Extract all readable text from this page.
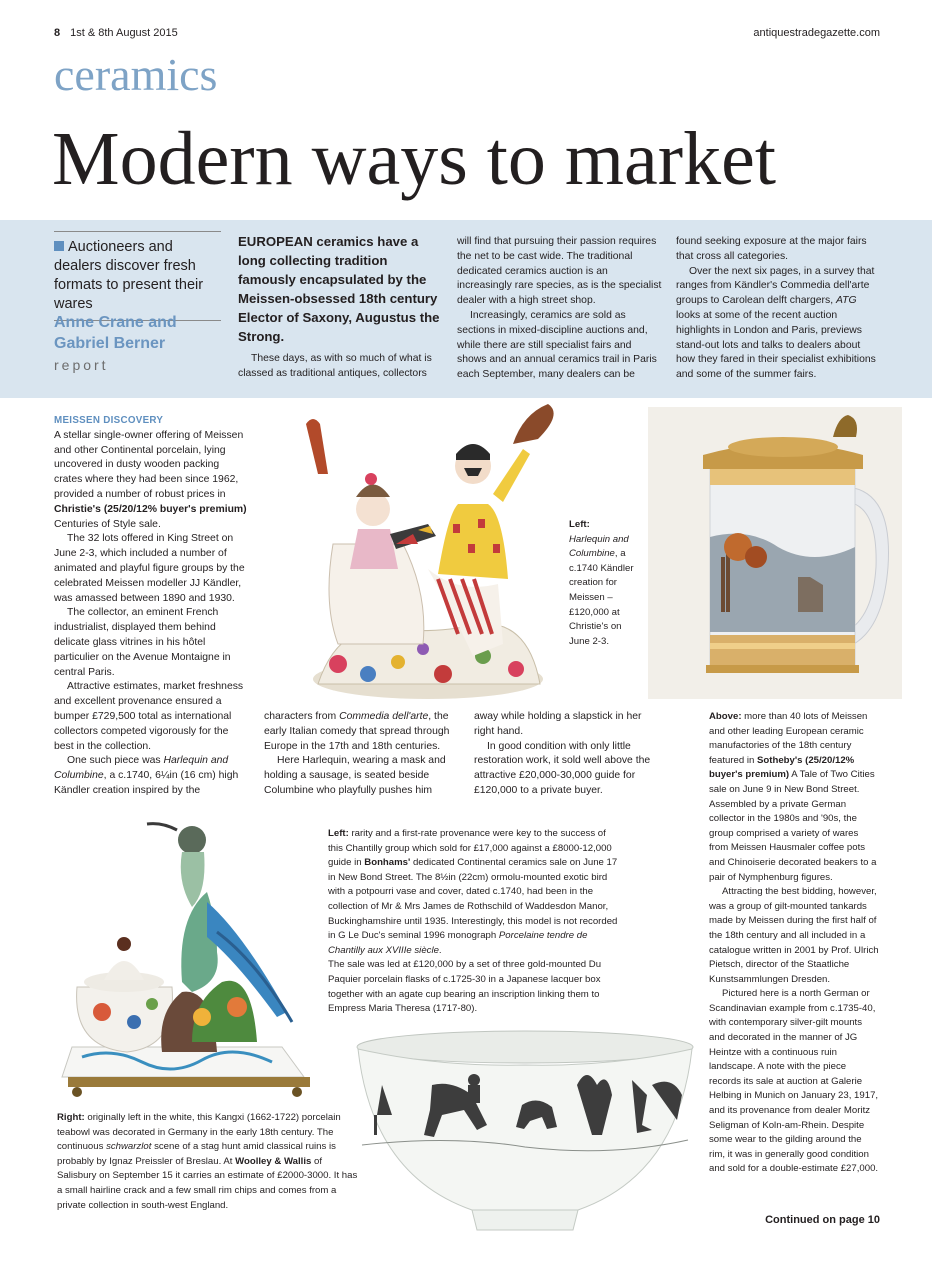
8 1st & 8th August 2015	antiquestradegazette.com
ceramics
Modern ways to market
Auctioneers and dealers discover fresh formats to present their wares
Anne Crane and Gabriel Berner
report
EUROPEAN ceramics have a long collecting tradition famously encapsulated by the Meissen-obsessed 18th century Elector of Saxony, Augustus the Strong.

These days, as with so much of what is classed as traditional antiques, collectors

will find that pursuing their passion requires the net to be cast wide. The traditional dedicated ceramics auction is an increasingly rare species, as is the specialist dealer with a high street shop.

Increasingly, ceramics are sold as sections in mixed-discipline auctions and, while there are still specialist fairs and shows and an annual ceramics trail in Paris each September, many dealers can be

found seeking exposure at the major fairs that cross all categories.

Over the next six pages, in a survey that ranges from Kändler's Commedia dell'arte groups to Carolean delft chargers, ATG looks at some of the recent auction highlights in London and Paris, previews stand-out lots and talks to dealers about how they fared in their specialist exhibitions and some of the summer fairs.

MEISSEN DISCOVERY

A stellar single-owner offering of Meissen and other Continental porcelain, lying uncovered in dusty wooden packing crates where they had been since 1962, provided a number of robust prices in Christie's (25/20/12% buyer's premium) Centuries of Style sale.

The 32 lots offered in King Street on June 2-3, which included a number of animated and playful figure groups by the celebrated Meissen modeller JJ Kändler, was amassed between 1890 and 1930.

The collector, an eminent French industrialist, displayed them behind delicate glass vitrines in his hôtel particulier on the Avenue Montaigne in central Paris.

Attractive estimates, market freshness and excellent provenance ensured a bumper £729,500 total as international collectors competed vigorously for the best in the collection.

One such piece was Harlequin and Columbine, a c.1740, 6¼in (16 cm) high Kändler creation inspired by the

characters from Commedia dell'arte, the early Italian comedy that spread through Europe in the 17th and 18th centuries.

Here Harlequin, wearing a mask and holding a sausage, is seated beside Columbine who playfully pushes him

away while holding a slapstick in her right hand.

In good condition with only little restoration work, it sold well above the attractive £20,000-30,000 guide for £120,000 to a private buyer.

Left:
Harlequin and Columbine, a c.1740 Kändler creation for Meissen – £120,000 at Christie's on June 2-3.

Above: more than 40 lots of Meissen and other leading European ceramic manufactories of the 18th century featured in Sotheby's (25/20/12% buyer's premium) A Tale of Two Cities sale on June 9 in New Bond Street. Assembled by a private German collector in the 1980s and '90s, the group comprised a variety of wares from Meissen Hausmaler coffee pots and Chinoiserie decorated beakers to a pair of Nymphenburg figures.

Attracting the best bidding, however, was a group of gilt-mounted tankards made by Meissen during the first half of the 18th century and all included in a catalogue written in 2001 by Prof. Ulrich Pietsch, director of the Staatliche Kunstsammlungen Dresden.

Pictured here is a north German or Scandinavian example from c.1735-40, with contemporary silver-gilt mounts and decorated in the manner of JG Heintze with a continuous ruin landscape. A note with the piece records its sale at auction at Galerie Helbing in Munich on January 23, 1917, and its provenance from dealer Moritz Seligman of Koln-am-Rhein. Despite some wear to the gilding around the rim, it was in generally good condition and sold for a double-estimate £27,000.

Left: rarity and a first-rate provenance were key to the success of this Chantilly group which sold for £17,000 against a £8000-12,000 guide in Bonhams' dedicated Continental ceramics sale on June 17 in New Bond Street. The 8½in (22cm) ormolu-mounted exotic bird with a potpourri vase and cover, dated c.1740, had been in the collection of Mr & Mrs James de Rothschild of Waddesdon Manor, Buckinghamshire until 1935. Interestingly, this model is not recorded in G Le Duc's seminal 1996 monograph Porcelaine tendre de Chantilly aux XVIIIe siècle.

The sale was led at £120,000 by a set of three gold-mounted Du Paquier porcelain flasks of c.1725-30 in a Japanese lacquer box together with an agate cup bearing an inscription linking them to Empress Maria Theresa (1717-80).

Right: originally left in the white, this Kangxi (1662-1722) porcelain teabowl was decorated in Germany in the early 18th century. The continuous schwarzlot scene of a stag hunt amid classical ruins is probably by Ignaz Preissler of Breslau. At Woolley & Wallis of Salisbury on September 15 it carries an estimate of £2000-3000. It has a small hairline crack and a few small rim chips and comes from a private collection in south-west England.

Continued on page 10
